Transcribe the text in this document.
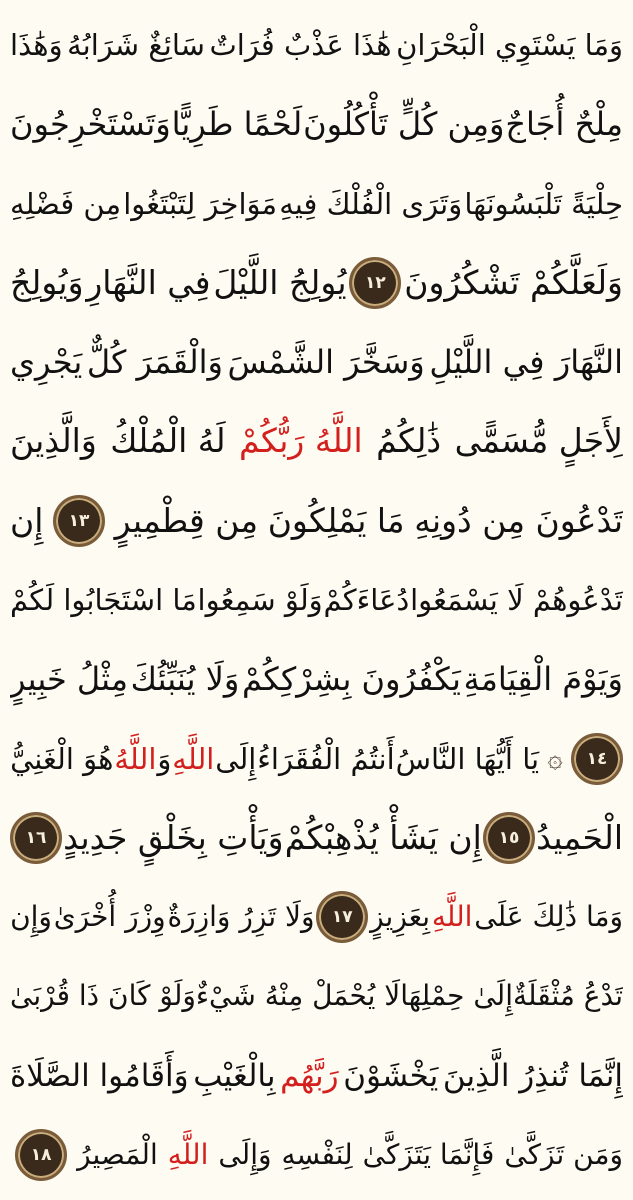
وَمَا يَسْتَوِي الْبَحْرَانِ
هَٰذَا عَذْبٌ فُرَاتٌ
سَائِغٌ شَرَابُهُ
وَهَٰذَا
مِلْحٌ أُجَاجٌ
وَمِن كُلٍّ تَأْكُلُونَ
لَحْمًا طَرِيًّا
وَتَسْتَخْرِجُونَ
حِلْيَةً تَلْبَسُونَهَا
وَتَرَى الْفُلْكَ فِيهِ
مَوَاخِرَ لِتَبْتَغُوا
مِن فَضْلِهِ
وَلَعَلَّكُمْ تَشْكُرُونَ
١٢
يُولِجُ اللَّيْلَ
فِي النَّهَارِ
وَيُولِجُ
النَّهَارَ فِي اللَّيْلِ
وَسَخَّرَ الشَّمْسَ
وَالْقَمَرَ كُلٌّ
يَجْرِي
لِأَجَلٍ مُّسَمًّى
ذَٰلِكُمُ
اللَّهُ رَبُّكُمْ
لَهُ الْمُلْكُ
وَالَّذِينَ
تَدْعُونَ مِن دُونِهِ
مَا يَمْلِكُونَ
مِن قِطْمِيرٍ
١٣
إِن
تَدْعُوهُمْ لَا يَسْمَعُوا
دُعَاءَكُمْ
وَلَوْ سَمِعُوا
مَا اسْتَجَابُوا لَكُمْ
وَيَوْمَ الْقِيَامَةِ
يَكْفُرُونَ بِشِرْكِكُمْ
وَلَا يُنَبِّئُكَ
مِثْلُ خَبِيرٍ
١٤
۞
يَا أَيُّهَا النَّاسُ
أَنتُمُ الْفُقَرَاءُ
إِلَى
اللَّهِ
وَ
اللَّهُ
هُوَ الْغَنِيُّ
الْحَمِيدُ
١٥
إِن يَشَأْ يُذْهِبْكُمْ
وَيَأْتِ بِخَلْقٍ جَدِيدٍ
١٦
وَمَا ذَٰلِكَ عَلَى
اللَّهِ
بِعَزِيزٍ
١٧
وَلَا تَزِرُ وَازِرَةٌ
وِزْرَ أُخْرَىٰ
وَإِن
تَدْعُ مُثْقَلَةٌ
إِلَىٰ حِمْلِهَا
لَا يُحْمَلْ مِنْهُ شَيْءٌ
وَلَوْ كَانَ ذَا قُرْبَىٰ
إِنَّمَا تُنذِرُ الَّذِينَ
يَخْشَوْنَ
رَبَّهُم
بِالْغَيْبِ
وَأَقَامُوا الصَّلَاةَ
وَمَن تَزَكَّىٰ
فَإِنَّمَا يَتَزَكَّىٰ
لِنَفْسِهِ
وَإِلَى
اللَّهِ
الْمَصِيرُ
١٨
